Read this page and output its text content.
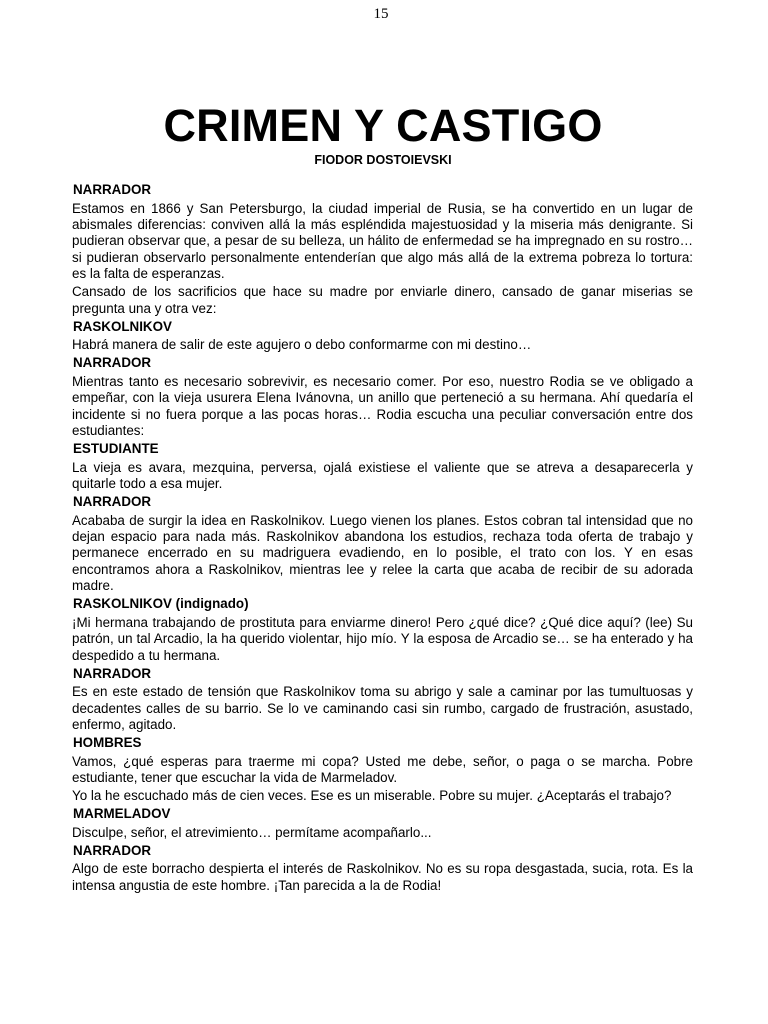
15
CRIMEN Y CASTIGO

FIODOR DOSTOIEVSKI

NARRADOR
Estamos en 1866 y San Petersburgo, la ciudad imperial de Rusia, se ha convertido en un lugar de abismales diferencias: conviven allá la más espléndida majestuosidad y la miseria más denigrante. Si pudieran observar que, a pesar de su belleza, un hálito de enfermedad se ha impregnado en su rostro… si pudieran observarlo personalmente entenderían que algo más allá de la extrema pobreza lo tortura: es la falta de esperanzas.
Cansado de los sacrificios que hace su madre por enviarle dinero, cansado de ganar miserias se pregunta una y otra vez:
RASKOLNIKOV
Habrá manera de salir de este agujero o debo conformarme con mi destino…
NARRADOR
Mientras tanto es necesario sobrevivir, es necesario comer. Por eso, nuestro Rodia se ve obligado a empeñar, con la vieja usurera Elena Ivánovna, un anillo que perteneció a su hermana. Ahí quedaría el incidente si no fuera porque a las pocas horas… Rodia escucha una peculiar conversación entre dos estudiantes:
ESTUDIANTE
La vieja es avara, mezquina, perversa, ojalá existiese el valiente que se atreva a desaparecerla y quitarle todo a esa mujer.
NARRADOR
Acababa de surgir la idea en Raskolnikov. Luego vienen los planes. Estos cobran tal intensidad que no dejan espacio para nada más. Raskolnikov abandona los estudios, rechaza toda oferta de trabajo y permanece encerrado en su madriguera evadiendo, en lo posible, el trato con los. Y en esas encontramos ahora a Raskolnikov, mientras lee y relee la carta que acaba de recibir de su adorada madre.
RASKOLNIKOV (indignado)
¡Mi hermana trabajando de prostituta para enviarme dinero! Pero ¿qué dice? ¿Qué dice aquí? (lee) Su patrón, un tal Arcadio, la ha querido violentar, hijo mío. Y la esposa de Arcadio se… se ha enterado y ha despedido a tu hermana.
NARRADOR
Es en este estado de tensión que Raskolnikov toma su abrigo y sale a caminar por las tumultuosas y decadentes calles de su barrio. Se lo ve caminando casi sin rumbo, cargado de frustración, asustado, enfermo, agitado.
HOMBRES
Vamos, ¿qué esperas para traerme mi copa? Usted me debe, señor, o paga o se marcha. Pobre estudiante, tener que escuchar la vida de Marmeladov.
Yo la he escuchado más de cien veces. Ese es un miserable. Pobre su mujer. ¿Aceptarás el trabajo?
MARMELADOV
Disculpe, señor, el atrevimiento… permítame acompañarlo...
NARRADOR
Algo de este borracho despierta el interés de Raskolnikov. No es su ropa desgastada, sucia, rota. Es la intensa angustia de este hombre. ¡Tan parecida a la de Rodia!
